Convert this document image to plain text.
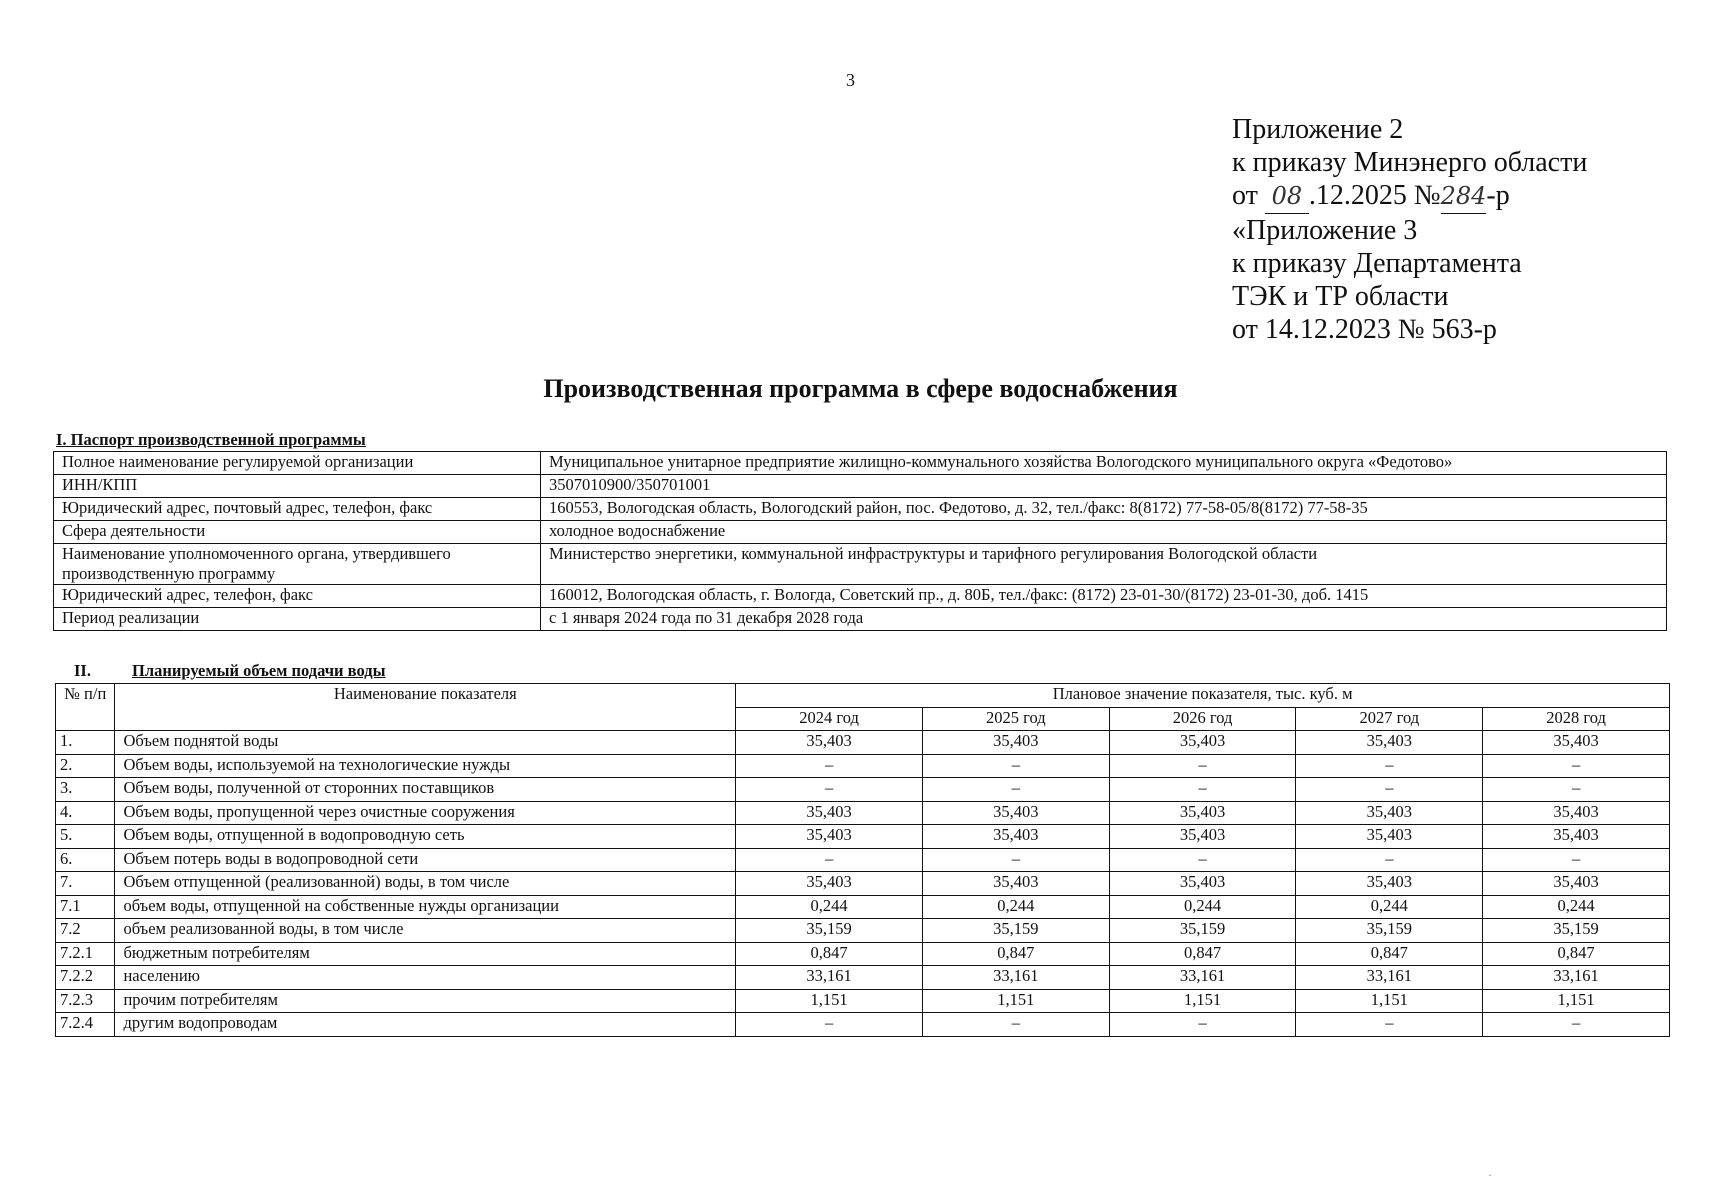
3
Приложение 2
к приказу Минэнерго области
от 08 .12.2025 №284-р
«Приложение 3
к приказу Департамента
ТЭК и ТР области
от 14.12.2023 № 563-р
Производственная программа в сфере водоснабжения
I. Паспорт производственной программы
Полное наименование регулируемой организации	Муниципальное унитарное предприятие жилищно-коммунального хозяйства Вологодского муниципального округа «Федотово»
ИНН/КПП	3507010900/350701001
Юридический адрес, почтовый адрес, телефон, факс	160553, Вологодская область, Вологодский район, пос. Федотово, д. 32, тел./факс: 8(8172) 77-58-05/8(8172) 77-58-35
Сфера деятельности	холодное водоснабжение
Наименование уполномоченного органа, утвердившего производственную программу	Министерство энергетики, коммунальной инфраструктуры и тарифного регулирования Вологодской области
Юридический адрес, телефон, факс	160012, Вологодская область, г. Вологда, Советский пр., д. 80Б, тел./факс: (8172) 23-01-30/(8172) 23-01-30, доб. 1415
Период реализации	с 1 января 2024 года по 31 декабря 2028 года
II. Планируемый объем подачи воды
№ п/п	Наименование показателя	Плановое значение показателя, тыс. куб. м				
		2024 год	2025 год	2026 год	2027 год	2028 год
1.	Объем поднятой воды	35,403	35,403	35,403	35,403	35,403
2.	Объем воды, используемой на технологические нужды	–	–	–	–	–
3.	Объем воды, полученной от сторонних поставщиков	–	–	–	–	–
4.	Объем воды, пропущенной через очистные сооружения	35,403	35,403	35,403	35,403	35,403
5.	Объем воды, отпущенной в водопроводную сеть	35,403	35,403	35,403	35,403	35,403
6.	Объем потерь воды в водопроводной сети	–	–	–	–	–
7.	Объем отпущенной (реализованной) воды, в том числе	35,403	35,403	35,403	35,403	35,403
7.1	объем воды, отпущенной на собственные нужды организации	0,244	0,244	0,244	0,244	0,244
7.2	объем реализованной воды, в том числе	35,159	35,159	35,159	35,159	35,159
7.2.1	бюджетным потребителям	0,847	0,847	0,847	0,847	0,847
7.2.2	населению	33,161	33,161	33,161	33,161	33,161
7.2.3	прочим потребителям	1,151	1,151	1,151	1,151	1,151
7.2.4	другим водопроводам	–	–	–	–	–
·
